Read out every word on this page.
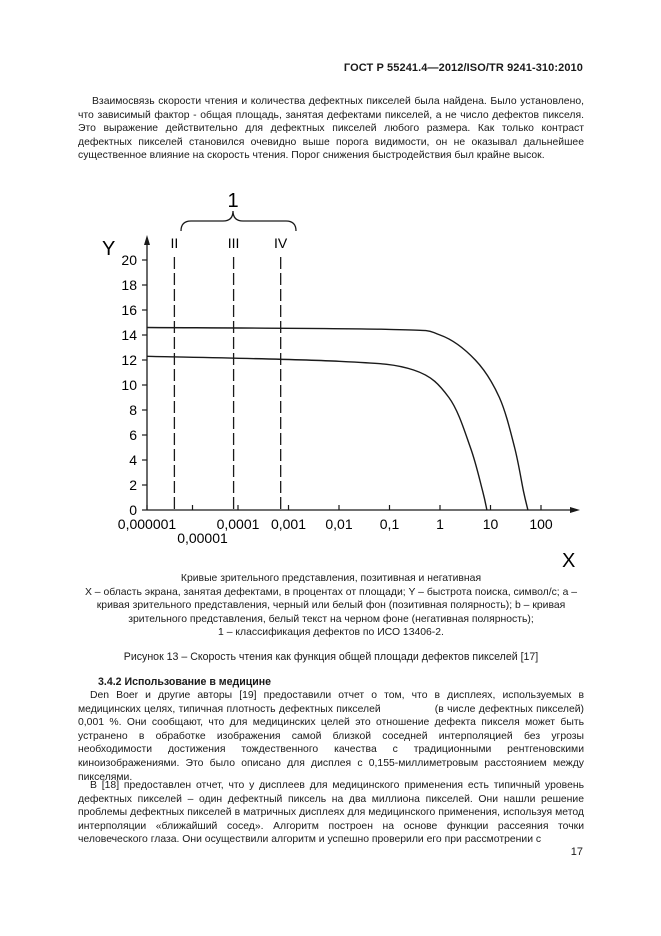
ГОСТ Р 55241.4—2012/ISO/TR 9241-310:2010
Взаимосвязь скорости чтения и количества дефектных пикселей была найдена. Было установлено, что зависимый фактор - общая площадь, занятая дефектами пикселей, а не число дефектов пикселя. Это выражение действительно для дефектных пикселей любого размера. Как только контраст дефектных пикселей становился очевидно выше порога видимости, он не оказывал дальнейшее существенное влияние на скорость чтения. Порог снижения быстродействия был крайне высок.
Y
X
1
0
2
4
6
8
10
12
14
16
18
20
0,000001	0,0001 0,001 0,01 0,1	1	10 100
0,00001
II	III IV
Кривые зрительного представления, позитивная и негативная
X – область экрана, занятая дефектами, в процентах от площади; Y – быстрота поиска, символ/с; a –
кривая зрительного представления, черный или белый фон (позитивная полярность); b – кривая
зрительного представления, белый текст на черном фоне (негативная полярность);
1 – классификация дефектов по ИСО 13406-2.
Рисунок 13 – Скорость чтения как функция общей площади дефектов пикселей [17]
3.4.2 Использование в медицине
Den Boer и другие авторы [19] предоставили отчет о том, что в дисплеях, используемых в медицинских целях, типичная плотность дефектных пикселей                (в числе дефектных пикселей) 0,001 %. Они сообщают, что для медицинских целей это отношение дефекта пикселя может быть устранено в обработке изображения самой близкой соседней интерполяцией без угрозы необходимости достижения тождественного качества с традиционными рентгеновскими киноизображениями. Это было описано для дисплея с 0,155-миллиметровым расстоянием между пикселями.
В [18] предоставлен отчет, что у дисплеев для медицинского применения есть типичный уровень дефектных пикселей – один дефектный пиксель на два миллиона пикселей. Они нашли решение проблемы дефектных пикселей в матричных дисплеях для медицинского применения, используя метод интерполяции «ближайший сосед». Алгоритм построен на основе функции рассеяния точки человеческого глаза. Они осуществили алгоритм и успешно проверили его при рассмотрении с
17
